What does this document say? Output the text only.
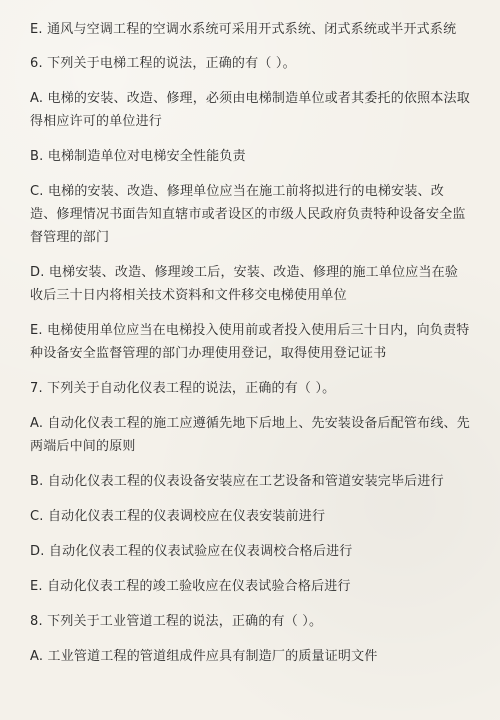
E. 通风与空调工程的空调水系统可采用开式系统、闭式系统或半开式系统

6. 下列关于电梯工程的说法，正确的有（ ）。

A. 电梯的安装、改造、修理，必须由电梯制造单位或者其委托的依照本法取得相应许可的单位进行

B. 电梯制造单位对电梯安全性能负责

C. 电梯的安装、改造、修理单位应当在施工前将拟进行的电梯安装、改造、修理情况书面告知直辖市或者设区的市级人民政府负责特种设备安全监督管理的部门

D. 电梯安装、改造、修理竣工后，安装、改造、修理的施工单位应当在验收后三十日内将相关技术资料和文件移交电梯使用单位

E. 电梯使用单位应当在电梯投入使用前或者投入使用后三十日内，向负责特种设备安全监督管理的部门办理使用登记，取得使用登记证书

7. 下列关于自动化仪表工程的说法，正确的有（ ）。

A. 自动化仪表工程的施工应遵循先地下后地上、先安装设备后配管布线、先两端后中间的原则

B. 自动化仪表工程的仪表设备安装应在工艺设备和管道安装完毕后进行

C. 自动化仪表工程的仪表调校应在仪表安装前进行

D. 自动化仪表工程的仪表试验应在仪表调校合格后进行

E. 自动化仪表工程的竣工验收应在仪表试验合格后进行

8. 下列关于工业管道工程的说法，正确的有（ ）。

A. 工业管道工程的管道组成件应具有制造厂的质量证明文件
